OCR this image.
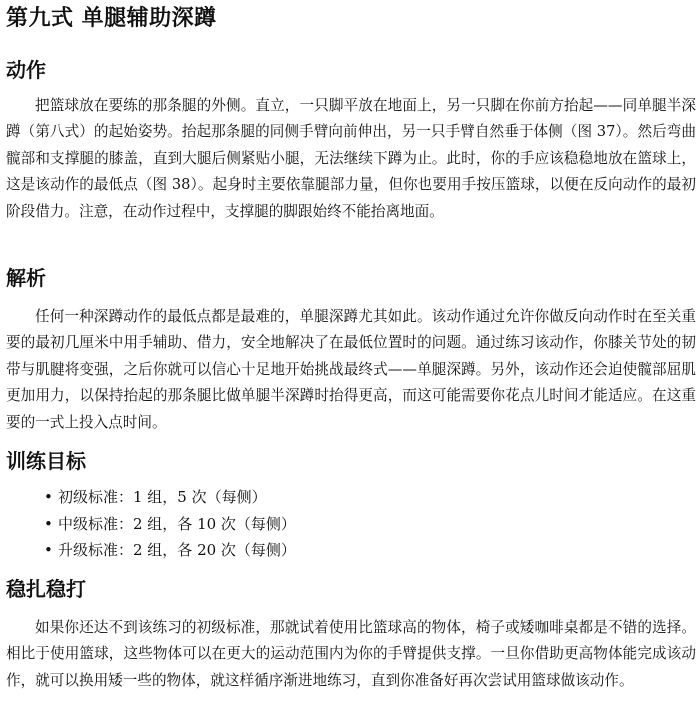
第九式 单腿辅助深蹲
动作

把篮球放在要练的那条腿的外侧。直立，一只脚平放在地面上，另一只脚在你前方抬起——同单腿半深蹲（第八式）的起始姿势。抬起那条腿的同侧手臂向前伸出，另一只手臂自然垂于体侧（图 37）。然后弯曲髋部和支撑腿的膝盖，直到大腿后侧紧贴小腿，无法继续下蹲为止。此时，你的手应该稳稳地放在篮球上，这是该动作的最低点（图 38）。起身时主要依靠腿部力量，但你也要用手按压篮球，以便在反向动作的最初阶段借力。注意，在动作过程中，支撑腿的脚跟始终不能抬离地面。

解析

任何一种深蹲动作的最低点都是最难的，单腿深蹲尤其如此。该动作通过允许你做反向动作时在至关重要的最初几厘米中用手辅助、借力，安全地解决了在最低位置时的问题。通过练习该动作，你膝关节处的韧带与肌腱将变强，之后你就可以信心十足地开始挑战最终式——单腿深蹲。另外，该动作还会迫使髋部屈肌更加用力，以保持抬起的那条腿比做单腿半深蹲时抬得更高，而这可能需要你花点儿时间才能适应。在这重要的一式上投入点时间。

训练目标
• 初级标准：1 组，5 次（每侧）
• 中级标准：2 组，各 10 次（每侧）
• 升级标准：2 组，各 20 次（每侧）
稳扎稳打

如果你还达不到该练习的初级标准，那就试着使用比篮球高的物体，椅子或矮咖啡桌都是不错的选择。相比于使用篮球，这些物体可以在更大的运动范围内为你的手臂提供支撑。一旦你借助更高物体能完成该动作，就可以换用矮一些的物体，就这样循序渐进地练习，直到你准备好再次尝试用篮球做该动作。
